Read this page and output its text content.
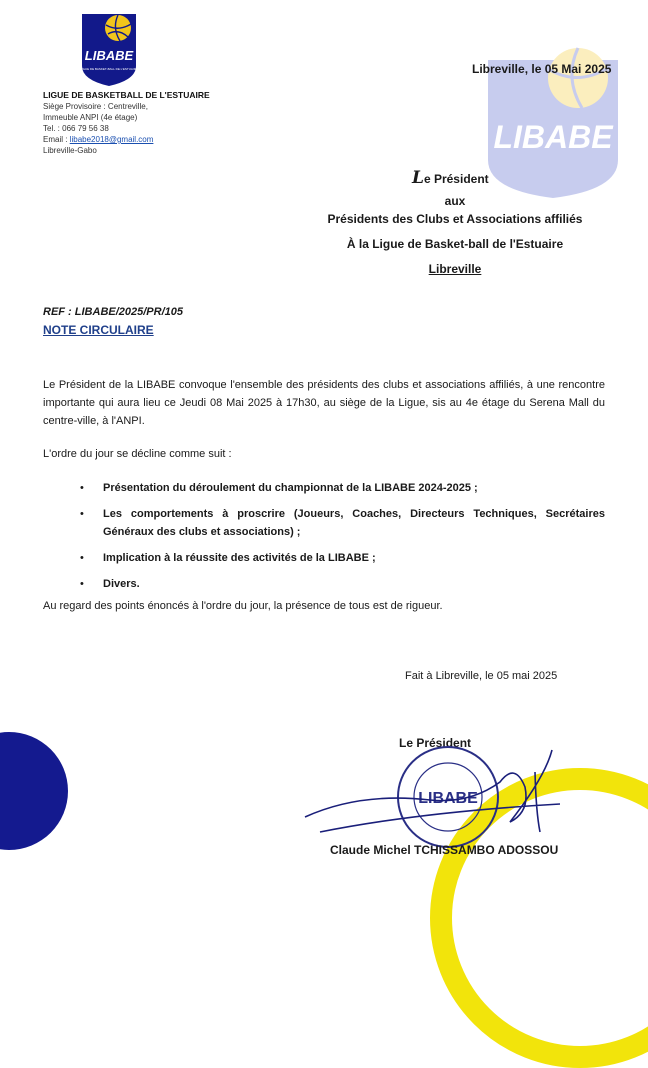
LIBABE
LIGUE DE BASKET-BALL DE L'ESTUAIRE
LIBABE
LIGUE DE BASKETBALL DE L'ESTUAIRE
Siège Provisoire : Centreville,
Immeuble ANPI (4e étage)
Tel. : 066 79 56 38
Email : libabe2018@gmail.com
Libreville-Gabo
Libreville, le 05 Mai 2025
Le Président
aux
Présidents des Clubs et Associations affiliés
À la Ligue de Basket-ball de l'Estuaire
Libreville
REF : LIBABE/2025/PR/105
NOTE CIRCULAIRE
Le Président de la LIBABE convoque l'ensemble des présidents des clubs et associations affiliés, à une rencontre importante qui aura lieu ce Jeudi 08 Mai 2025 à 17h30, au siège de la Ligue, sis au 4e étage du Serena Mall du centre-ville, à l'ANPI.
L'ordre du jour se décline comme suit :
• Présentation du déroulement du championnat de la LIBABE 2024-2025 ;
• Les comportements à proscrire (Joueurs, Coaches, Directeurs Techniques, Secrétaires Généraux des clubs et associations) ;
• Implication à la réussite des activités de la LIBABE ;
• Divers.
Au regard des points énoncés à l'ordre du jour, la présence de tous est de rigueur.
Fait à Libreville, le 05 mai 2025
Le Président
LIBABE
Claude Michel TCHISSAMBO ADOSSOU
